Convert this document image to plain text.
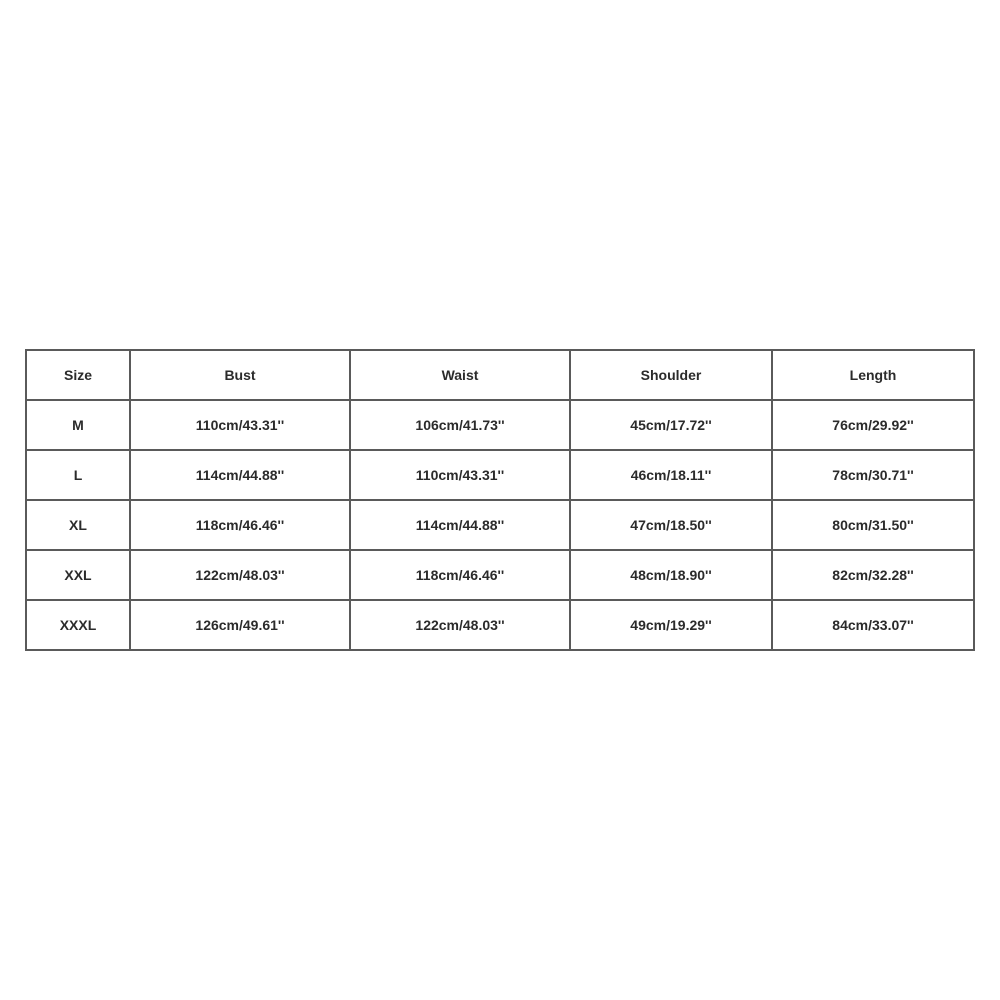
Size	Bust	Waist	Shoulder	Length
M	110cm/43.31''	106cm/41.73''	45cm/17.72''	76cm/29.92''
L	114cm/44.88''	110cm/43.31''	46cm/18.11''	78cm/30.71''
XL	118cm/46.46''	114cm/44.88''	47cm/18.50''	80cm/31.50''
XXL	122cm/48.03''	118cm/46.46''	48cm/18.90''	82cm/32.28''
XXXL	126cm/49.61''	122cm/48.03''	49cm/19.29''	84cm/33.07''
